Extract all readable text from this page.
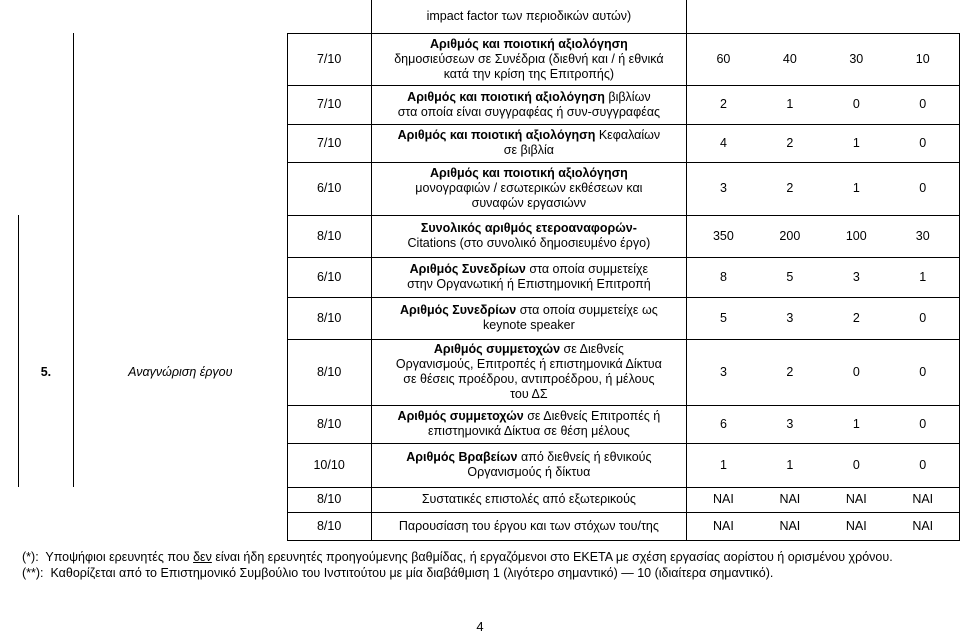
			impact factor των περιοδικών αυτών)	
		7/10	Αριθμός και ποιοτική αξιολόγηση
δημοσιεύσεων σε Συνέδρια (διεθνή και / ή εθνικά
κατά την κρίση της Επιτροπής)	60 40 30 10

		7/10	Αριθμός και ποιοτική αξιολόγηση βιβλίων
στα οποία είναι συγγραφέας ή συν-συγγραφέας	2 1 0 0

		7/10	Αριθμός και ποιοτική αξιολόγηση Κεφαλαίων
σε βιβλία	4 2 1 0

		6/10	Αριθμός και ποιοτική αξιολόγηση
μονογραφιών / εσωτερικών εκθέσεων και
συναφών εργασιώνν	3 2 1 0

		8/10	Συνολικός αριθμός ετεροαναφορών-
Citations (στο συνολικό δημοσιευμένο έργο)	350 200 100 30

		6/10	Αριθμός Συνεδρίων στα οποία συμμετείχε
στην Οργανωτική ή Επιστημονική Επιτροπή	8 5 3 1

		8/10	Αριθμός Συνεδρίων στα οποία συμμετείχε ως
keynote speaker	5 3 2 0

5.	Αναγνώριση έργου	8/10	Αριθμός συμμετοχών σε Διεθνείς
Οργανισμούς, Επιτροπές ή επιστημονικά Δίκτυα
σε θέσεις προέδρου, αντιπροέδρου, ή μέλους
του ΔΣ	3 2 0 0

		8/10	Αριθμός συμμετοχών σε Διεθνείς Επιτροπές ή
επιστημονικά Δίκτυα σε θέση μέλους	6 3 1 0

		10/10	Αριθμός Βραβείων από διεθνείς ή εθνικούς
Οργανισμούς ή δίκτυα	1 1 0 0

		8/10	Συστατικές επιστολές από εξωτερικούς	ΝΑΙ ΝΑΙ ΝΑΙ ΝΑΙ

		8/10	Παρουσίαση του έργου και των στόχων του/της	ΝΑΙ ΝΑΙ ΝΑΙ ΝΑΙ
(*):  Υποψήφιοι ερευνητές που δεν είναι ήδη ερευνητές προηγούμενης βαθμίδας, ή εργαζόμενοι στο ΕΚΕΤΑ με σχέση εργασίας αορίστου ή ορισμένου χρόνου.
(**):  Καθορίζεται από το Επιστημονικό Συμβούλιο του Ινστιτούτου με μία διαβάθμιση 1 (λιγότερο σημαντικό) — 10 (ιδιαίτερα σημαντικό).
4
